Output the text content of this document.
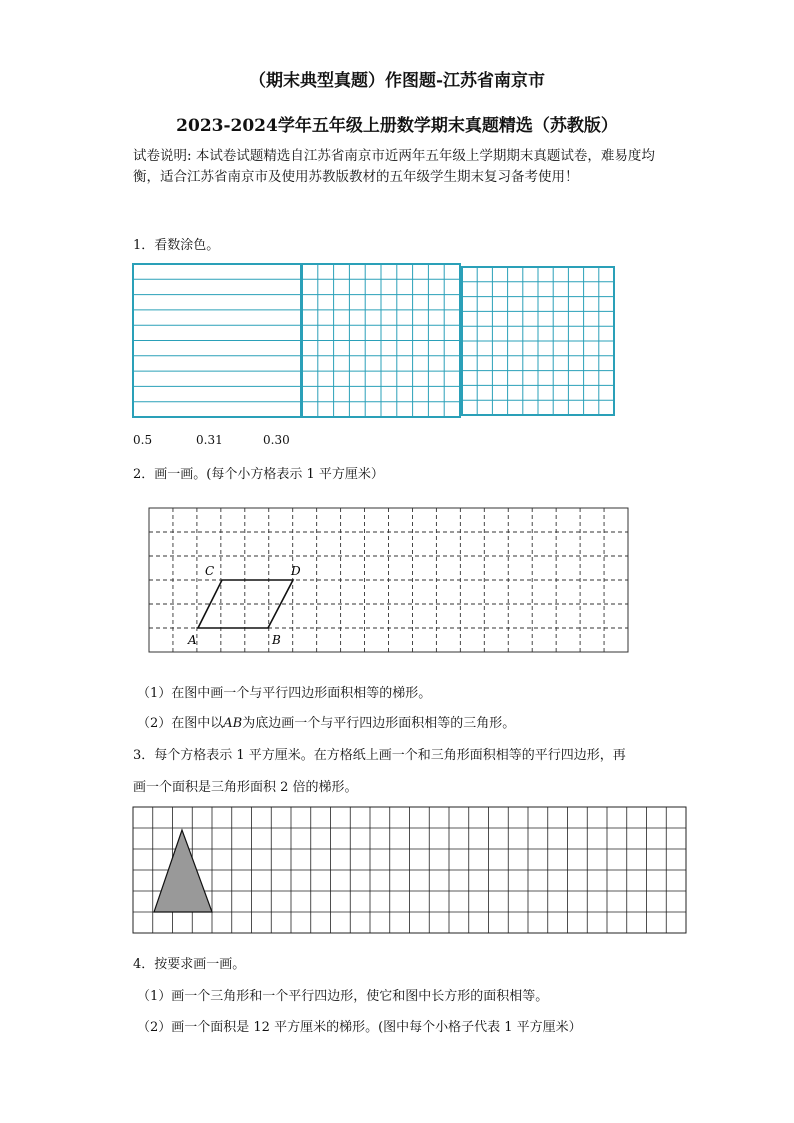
（期末典型真题）作图题-江苏省南京市
2023-2024学年五年级上册数学期末真题精选（苏教版）
试卷说明: 本试卷试题精选自江苏省南京市近两年五年级上学期期末真题试卷，难易度均衡，适合江苏省南京市及使用苏教版教材的五年级学生期末复习备考使用！
1．看数涂色。
0.5	0.31	0.30
2．画一画。(每个小方格表示 1 平方厘米）
C	D
A	B
（1）在图中画一个与平行四边形面积相等的梯形。
（2）在图中以AB为底边画一个与平行四边形面积相等的三角形。
3．每个方格表示 1 平方厘米。在方格纸上画一个和三角形面积相等的平行四边形，再
画一个面积是三角形面积 2 倍的梯形。
4．按要求画一画。
（1）画一个三角形和一个平行四边形，使它和图中长方形的面积相等。
（2）画一个面积是 12 平方厘米的梯形。(图中每个小格子代表 1 平方厘米）
